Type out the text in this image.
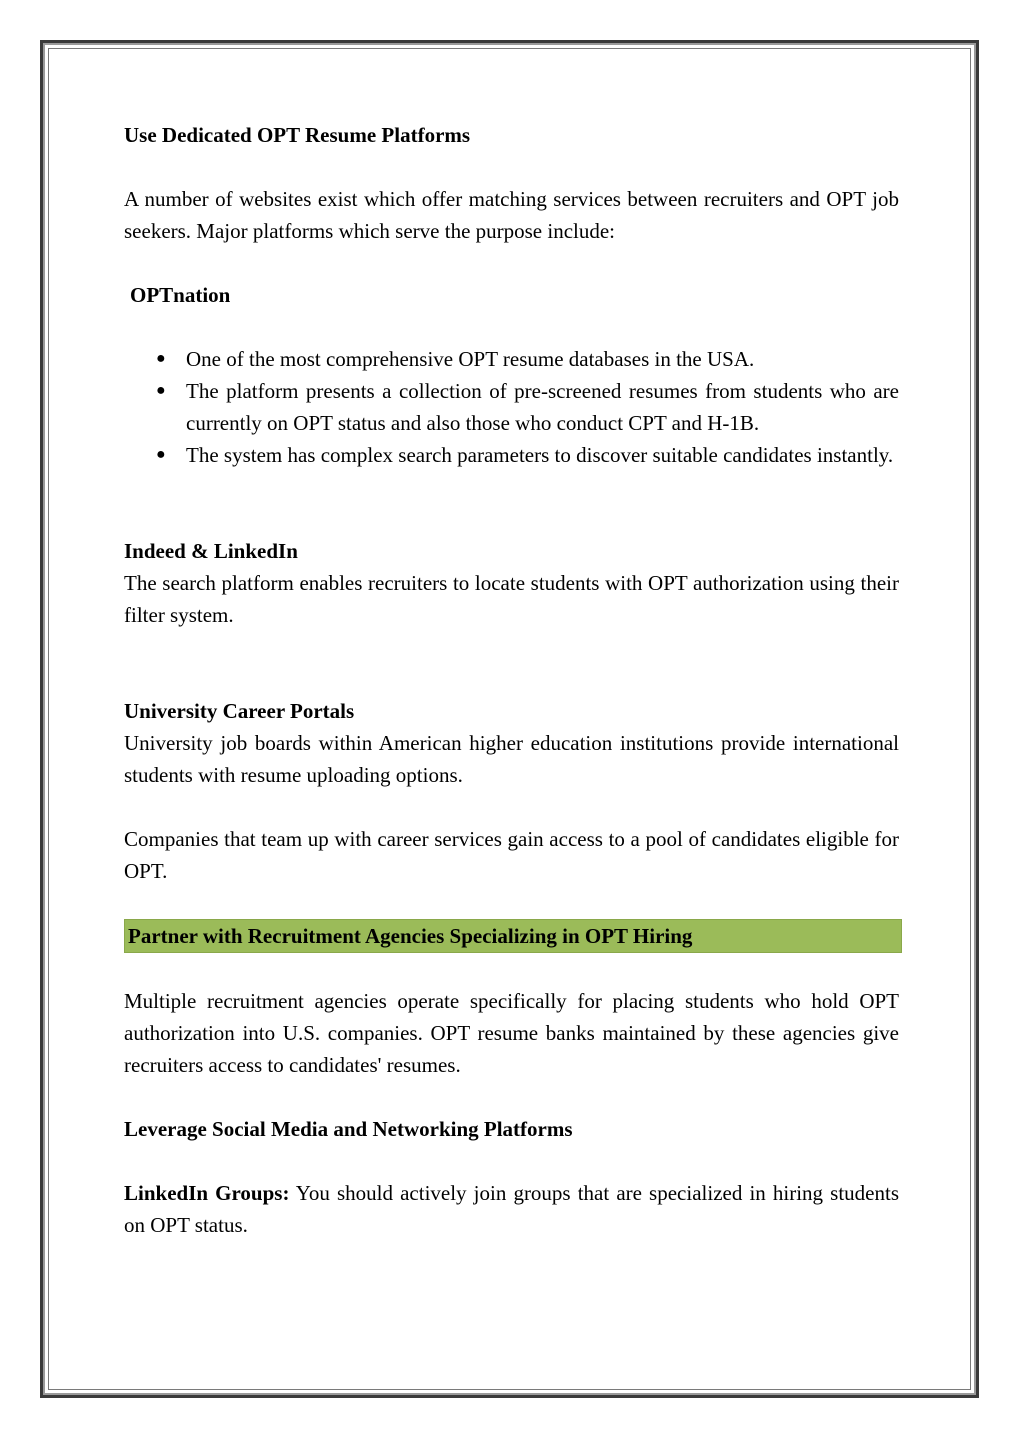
Use Dedicated OPT Resume Platforms

A number of websites exist which offer matching services between recruiters and OPT job seekers. Major platforms which serve the purpose include:

OPTnation

● One of the most comprehensive OPT resume databases in the USA.
● The platform presents a collection of pre-screened resumes from students who are currently on OPT status and also those who conduct CPT and H-1B.
● The system has complex search parameters to discover suitable candidates instantly.

Indeed & LinkedIn

The search platform enables recruiters to locate students with OPT authorization using their filter system.

University Career Portals

University job boards within American higher education institutions provide international students with resume uploading options.

Companies that team up with career services gain access to a pool of candidates eligible for OPT.

Partner with Recruitment Agencies Specializing in OPT Hiring

Multiple recruitment agencies operate specifically for placing students who hold OPT authorization into U.S. companies. OPT resume banks maintained by these agencies give recruiters access to candidates' resumes.

Leverage Social Media and Networking Platforms

LinkedIn Groups: You should actively join groups that are specialized in hiring students on OPT status.
